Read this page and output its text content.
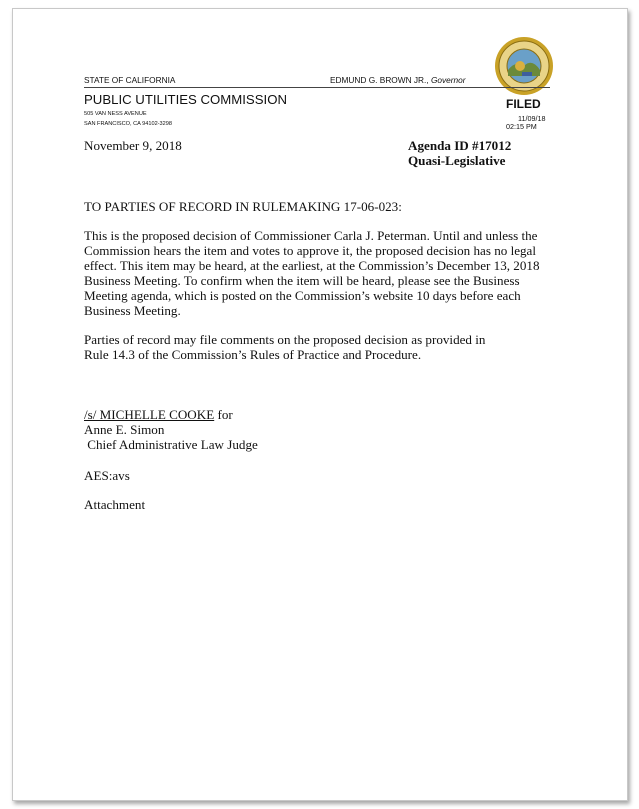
STATE OF CALIFORNIA	EDMUND G. BROWN JR., Governor
PUBLIC UTILITIES COMMISSION
505 VAN NESS AVENUE
SAN FRANCISCO, CA 94102-3298
FILED
11/09/18
02:15 PM
November 9, 2018	Agenda ID #17012
Quasi-Legislative
TO PARTIES OF RECORD IN RULEMAKING 17-06-023:
This is the proposed decision of Commissioner Carla J. Peterman. Until and unless the
Commission hears the item and votes to approve it, the proposed decision has no legal
effect. This item may be heard, at the earliest, at the Commission’s December 13, 2018
Business Meeting. To confirm when the item will be heard, please see the Business
Meeting agenda, which is posted on the Commission’s website 10 days before each
Business Meeting.
Parties of record may file comments on the proposed decision as provided in
Rule 14.3 of the Commission’s Rules of Practice and Procedure.
/s/ MICHELLE COOKE for
Anne E. Simon
Chief Administrative Law Judge
AES:avs
Attachment
